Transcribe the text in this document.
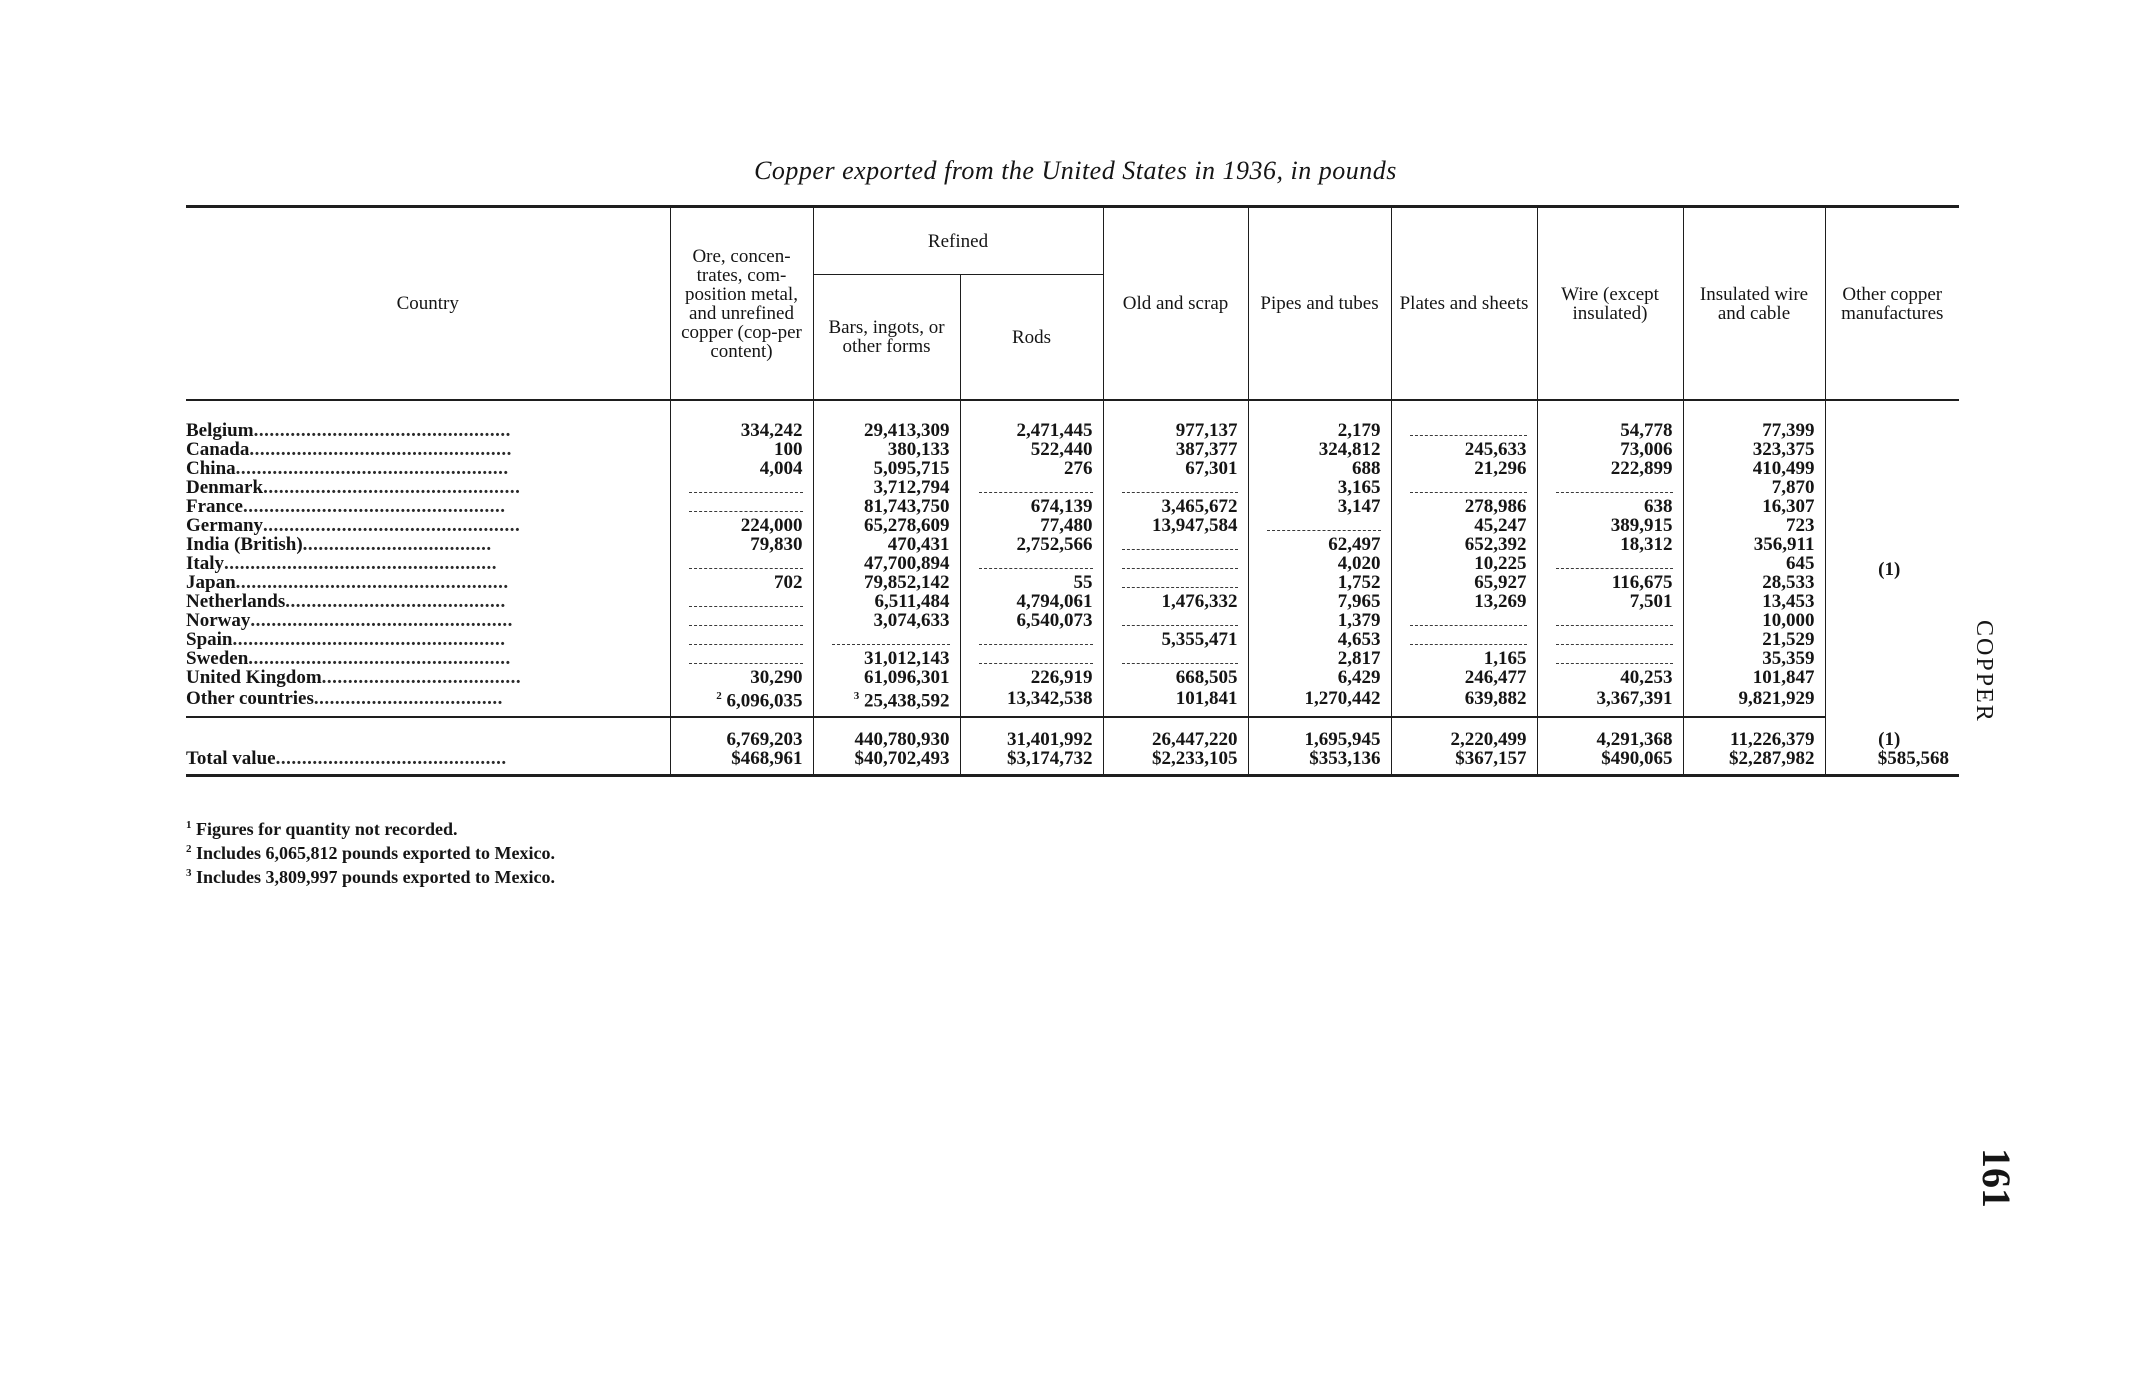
Copper exported from the United States in 1936, in pounds
Country	Ore, concen-trates, com-position metal, and unrefined copper (cop-per content)	Refined		Old and scrap	Pipes and tubes	Plates and sheets	Wire (except insulated)	Insulated wire and cable	Other copper manufactures
		Bars, ingots, or other forms	Rods						

Belgium.................................................	334,242	29,413,309	2,471,445	977,137	2,179		54,778	77,399	(1)
Canada..................................................	100	380,133	522,440	387,377	324,812	245,633	73,006	323,375	
China....................................................	4,004	5,095,715	276	67,301	688	21,296	222,899	410,499	
Denmark.................................................		3,712,794			3,165			7,870	
France..................................................		81,743,750	674,139	3,465,672	3,147	278,986	638	16,307	
Germany.................................................	224,000	65,278,609	77,480	13,947,584		45,247	389,915	723	
India (British)....................................	79,830	470,431	2,752,566		62,497	652,392	18,312	356,911	
Italy....................................................		47,700,894			4,020	10,225		645	
Japan....................................................	702	79,852,142	55		1,752	65,927	116,675	28,533	
Netherlands..........................................		6,511,484	4,794,061	1,476,332	7,965	13,269	7,501	13,453	
Norway..................................................		3,074,633	6,540,073		1,379			10,000	
Spain....................................................				5,355,471	4,653			21,529	
Sweden..................................................		31,012,143			2,817	1,165		35,359	
United Kingdom......................................	30,290	61,096,301	226,919	668,505	6,429	246,477	40,253	101,847	
Other countries....................................	$^2$ 6,096,035	$^3$ 25,438,592	13,342,538	101,841	1,270,442	639,882	3,367,391	9,821,929	
	6,769,203	440,780,930	31,401,992	26,447,220	1,695,945	2,220,499	4,291,368	11,226,379	(1)
Total value............................................	$468,961	$40,702,493	$3,174,732	$2,233,105	$353,136	$367,157	$490,065	$2,287,982	$585,568
$^1$ Figures for quantity not recorded.
$^2$ Includes 6,065,812 pounds exported to Mexico.
$^3$ Includes 3,809,997 pounds exported to Mexico.
COPPER
161
